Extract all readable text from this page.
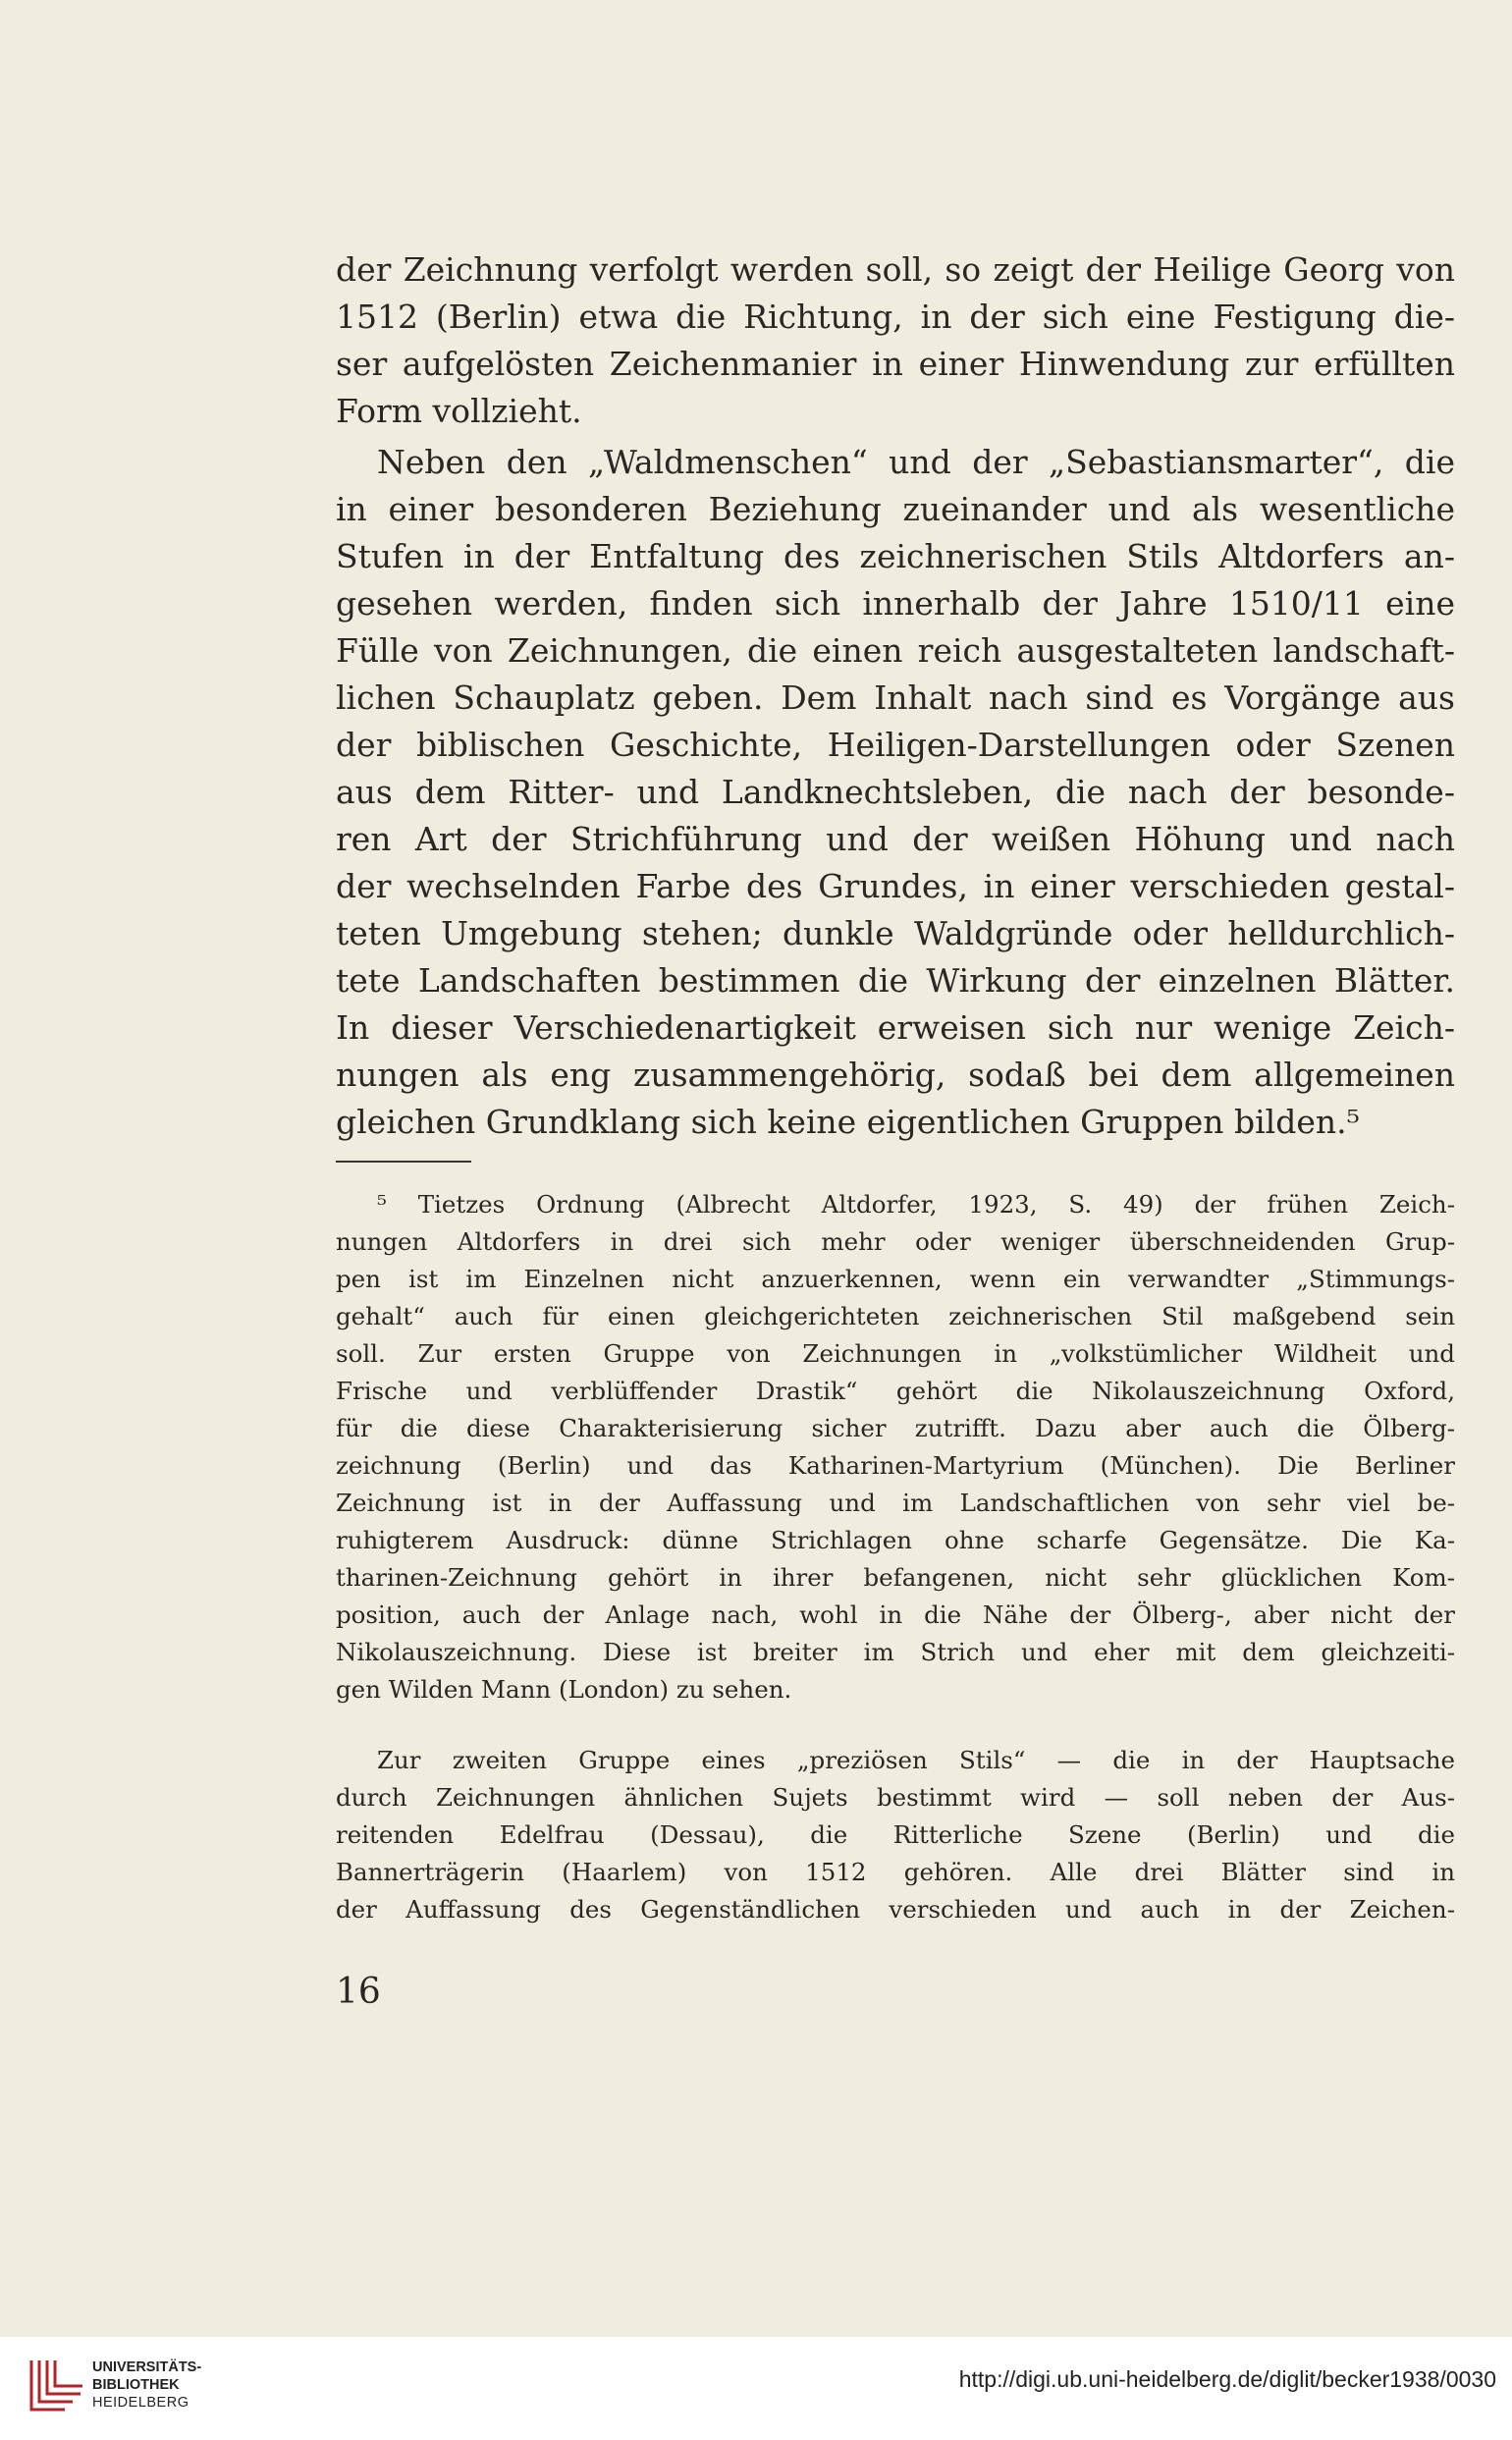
der Zeichnung verfolgt werden soll, so zeigt der Heilige Georg von
1512 (Berlin) etwa die Richtung, in der sich eine Festigung die-
ser aufgelösten Zeichenmanier in einer Hinwendung zur erfüllten
Form vollzieht.
Neben den „Waldmenschen“ und der „Sebastiansmarter“, die
in einer besonderen Beziehung zueinander und als wesentliche
Stufen in der Entfaltung des zeichnerischen Stils Altdorfers an-
gesehen werden, finden sich innerhalb der Jahre 1510/11 eine
Fülle von Zeichnungen, die einen reich ausgestalteten landschaft-
lichen Schauplatz geben. Dem Inhalt nach sind es Vorgänge aus
der biblischen Geschichte, Heiligen-Darstellungen oder Szenen
aus dem Ritter- und Landknechtsleben, die nach der besonde-
ren Art der Strichführung und der weißen Höhung und nach
der wechselnden Farbe des Grundes, in einer verschieden gestal-
teten Umgebung stehen; dunkle Waldgründe oder helldurchlich-
tete Landschaften bestimmen die Wirkung der einzelnen Blätter.
In dieser Verschiedenartigkeit erweisen sich nur wenige Zeich-
nungen als eng zusammengehörig, sodaß bei dem allgemeinen
gleichen Grundklang sich keine eigentlichen Gruppen bilden.⁵
⁵ Tietzes Ordnung (Albrecht Altdorfer, 1923, S. 49) der frühen Zeich-
nungen Altdorfers in drei sich mehr oder weniger überschneidenden Grup-
pen ist im Einzelnen nicht anzuerkennen, wenn ein verwandter „Stimmungs-
gehalt“ auch für einen gleichgerichteten zeichnerischen Stil maßgebend sein
soll. Zur ersten Gruppe von Zeichnungen in „volkstümlicher Wildheit und
Frische und verblüffender Drastik“ gehört die Nikolauszeichnung Oxford,
für die diese Charakterisierung sicher zutrifft. Dazu aber auch die Ölberg-
zeichnung (Berlin) und das Katharinen-Martyrium (München). Die Berliner
Zeichnung ist in der Auffassung und im Landschaftlichen von sehr viel be-
ruhigterem Ausdruck: dünne Strichlagen ohne scharfe Gegensätze. Die Ka-
tharinen-Zeichnung gehört in ihrer befangenen, nicht sehr glücklichen Kom-
position, auch der Anlage nach, wohl in die Nähe der Ölberg-, aber nicht der
Nikolauszeichnung. Diese ist breiter im Strich und eher mit dem gleichzeiti-
gen Wilden Mann (London) zu sehen.
Zur zweiten Gruppe eines „preziösen Stils“ — die in der Hauptsache
durch Zeichnungen ähnlichen Sujets bestimmt wird — soll neben der Aus-
reitenden Edelfrau (Dessau), die Ritterliche Szene (Berlin) und die
Bannerträgerin (Haarlem) von 1512 gehören. Alle drei Blätter sind in
der Auffassung des Gegenständlichen verschieden und auch in der Zeichen-
16
UNIVERSITÄTS-
BIBLIOTHEK
HEIDELBERG
http://digi.ub.uni-heidelberg.de/diglit/becker1938/0030
